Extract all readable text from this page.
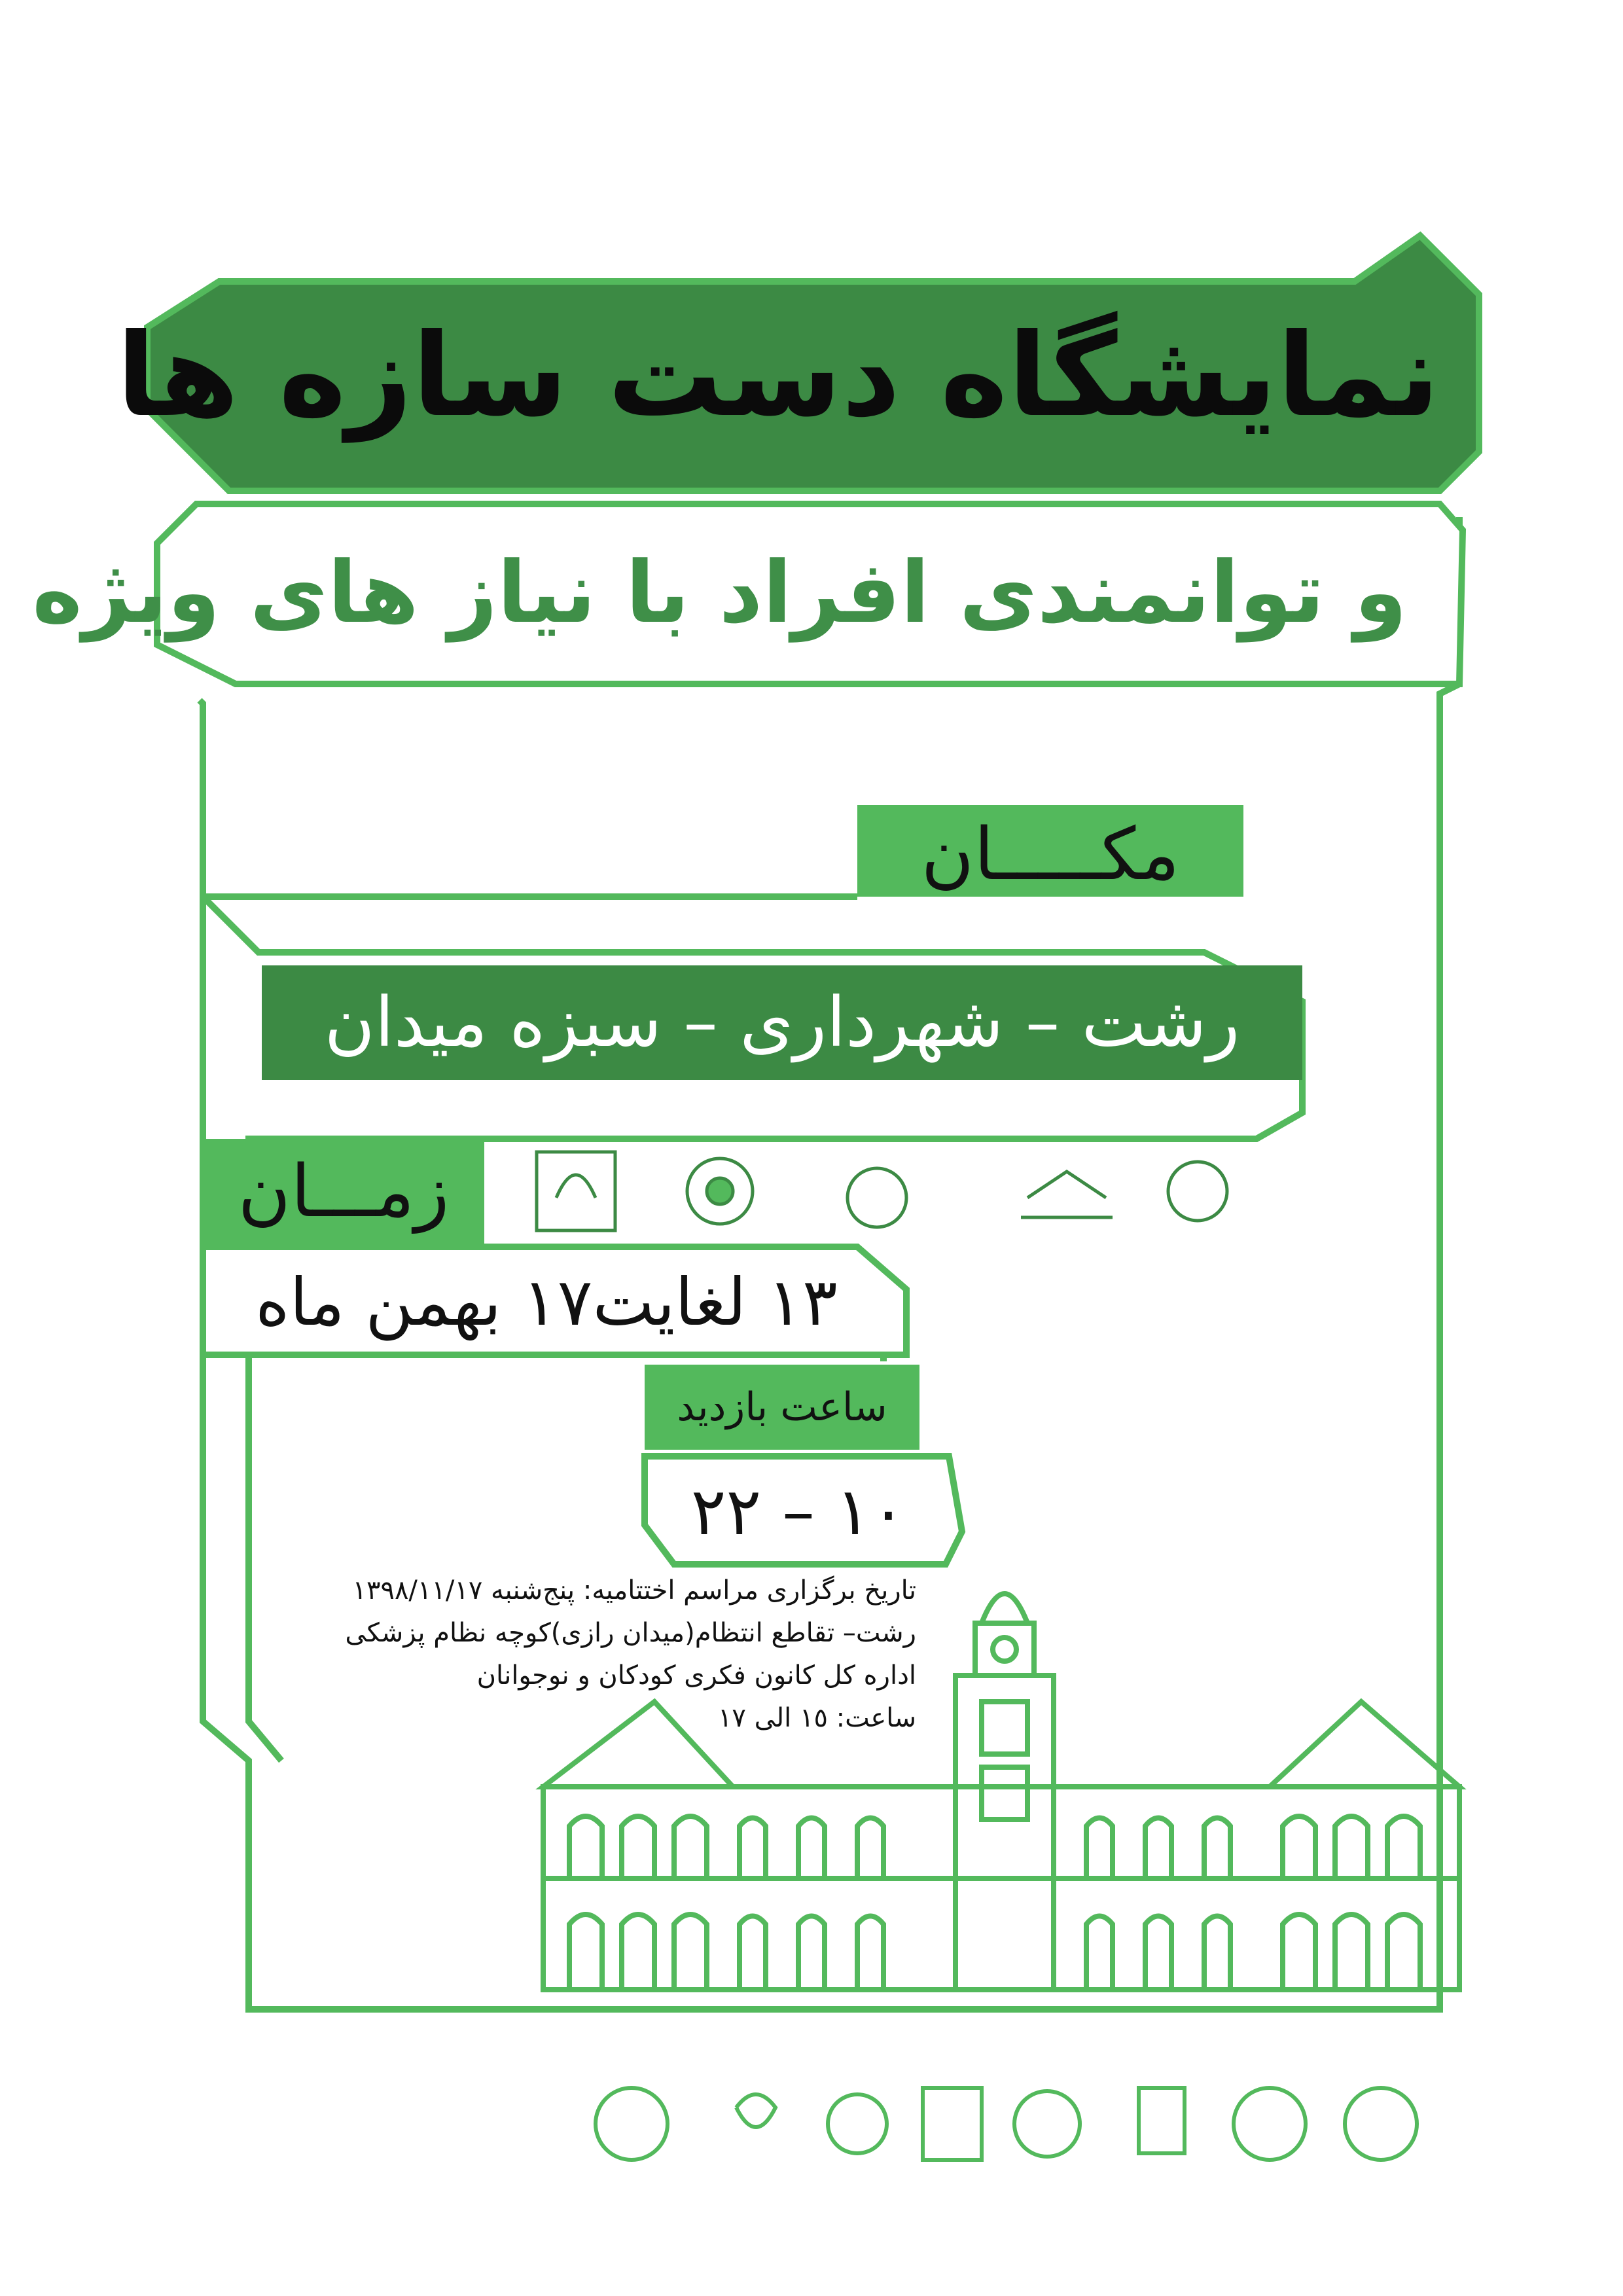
نمایشگاه دست سازه ها
و توانمندی افراد با نیاز های ویژه
مکـــــان
رشت – شهرداری – سبزه میدان
زمـــان
١٣ لغایت١٧ بهمن ماه
ساعت بازدید
١٠ – ٢٢
تاریخ برگزاری مراسم اختتامیه: پنج‌شنبه ١٣٩٨/١١/١٧
رشت– تقاطع انتظام(میدان رازی)کوچه نظام پزشکی
اداره کل کانون فکری کودکان و نوجوانان
ساعت: ١٥ الی ١٧
